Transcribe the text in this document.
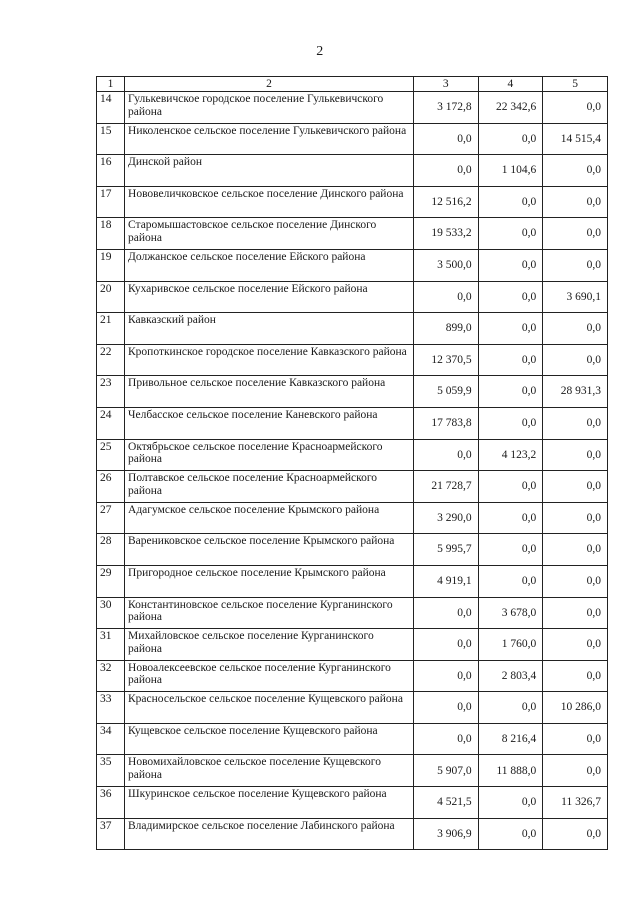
2
1	2	3	4	5
14	Гулькевичское городское поселение Гулькевичского района	3 172,8	22 342,6	0,0
15	Николенское сельское поселение Гулькевичского района	0,0	0,0	14 515,4
16	Динской район	0,0	1 104,6	0,0
17	Нововеличковское сельское поселение Динского района	12 516,2	0,0	0,0
18	Старомышастовское сельское поселение Динского района	19 533,2	0,0	0,0
19	Должанское сельское поселение Ейского района	3 500,0	0,0	0,0
20	Кухаривское сельское поселение Ейского района	0,0	0,0	3 690,1
21	Кавказский район	899,0	0,0	0,0
22	Кропоткинское городское поселение Кавказского района	12 370,5	0,0	0,0
23	Привольное сельское поселение Кавказского района	5 059,9	0,0	28 931,3
24	Челбасское сельское поселение Каневского района	17 783,8	0,0	0,0
25	Октябрьское сельское поселение Красноармейского района	0,0	4 123,2	0,0
26	Полтавское сельское поселение Красноармейского района	21 728,7	0,0	0,0
27	Адагумское сельское поселение Крымского района	3 290,0	0,0	0,0
28	Варениковское сельское поселение Крымского района	5 995,7	0,0	0,0
29	Пригородное сельское поселение Крымского района	4 919,1	0,0	0,0
30	Константиновское сельское поселение Курганинского района	0,0	3 678,0	0,0
31	Михайловское сельское поселение Курганинского района	0,0	1 760,0	0,0
32	Новоалексеевское сельское поселение Курганинского района	0,0	2 803,4	0,0
33	Красносельское сельское поселение Кущевского района	0,0	0,0	10 286,0
34	Кущевское сельское поселение Кущевского района	0,0	8 216,4	0,0
35	Новомихайловское сельское поселение Кущевского района	5 907,0	11 888,0	0,0
36	Шкуринское сельское поселение Кущевского района	4 521,5	0,0	11 326,7
37	Владимирское сельское поселение Лабинского района	3 906,9	0,0	0,0
